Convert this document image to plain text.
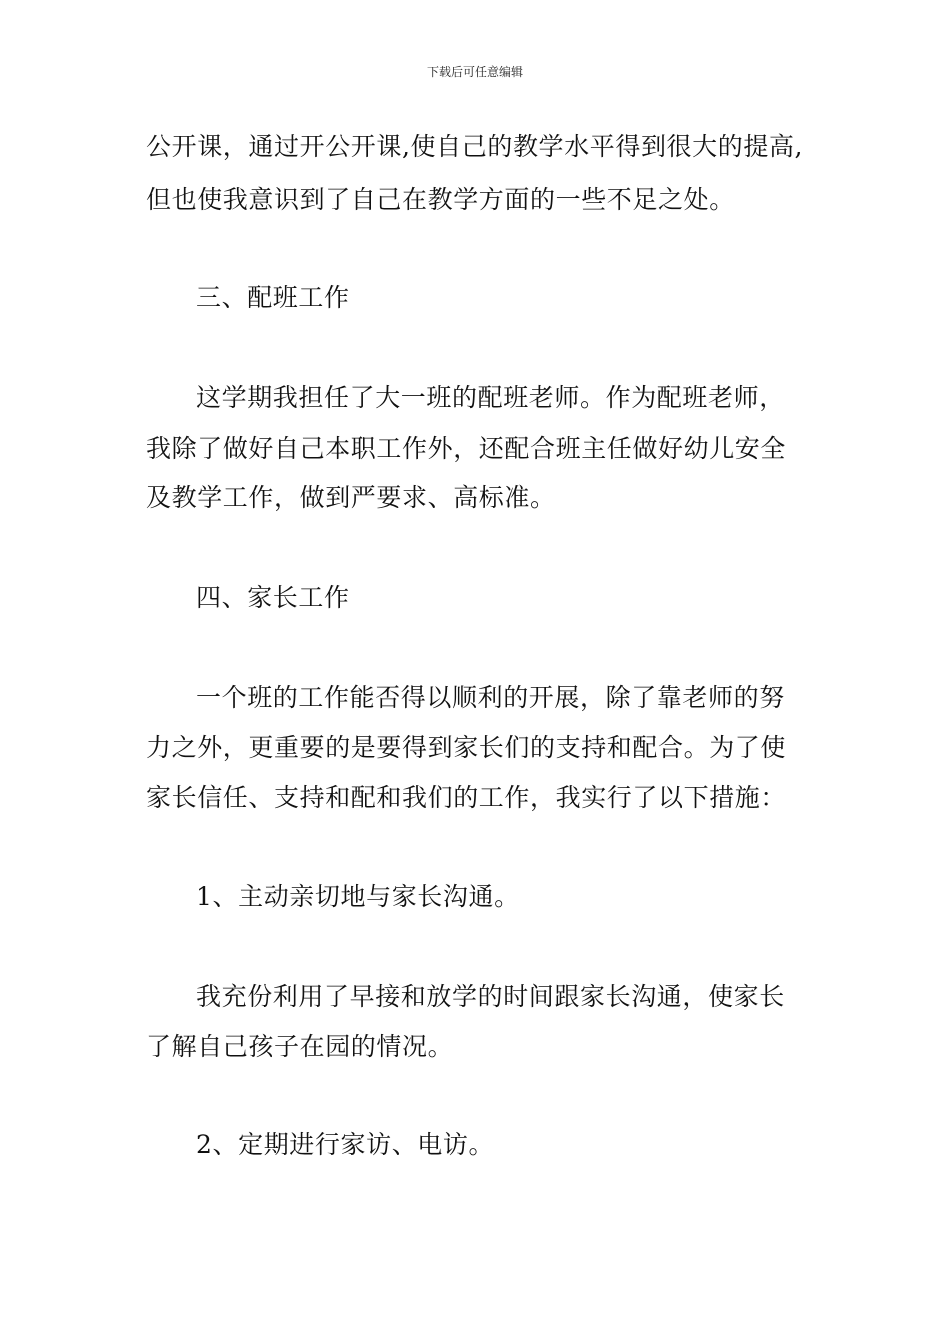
下载后可任意编辑
公开课，通过开公开课,使自己的教学水平得到很大的提高,
但也使我意识到了自己在教学方面的一些不足之处。
三、配班工作
这学期我担任了大一班的配班老师。作为配班老师，
我除了做好自己本职工作外，还配合班主任做好幼儿安全
及教学工作，做到严要求、高标准。
四、家长工作
一个班的工作能否得以顺利的开展，除了靠老师的努
力之外，更重要的是要得到家长们的支持和配合。为了使
家长信任、支持和配和我们的工作，我实行了以下措施：
1、主动亲切地与家长沟通。
我充份利用了早接和放学的时间跟家长沟通，使家长
了解自己孩子在园的情况。
2、定期进行家访、电访。
